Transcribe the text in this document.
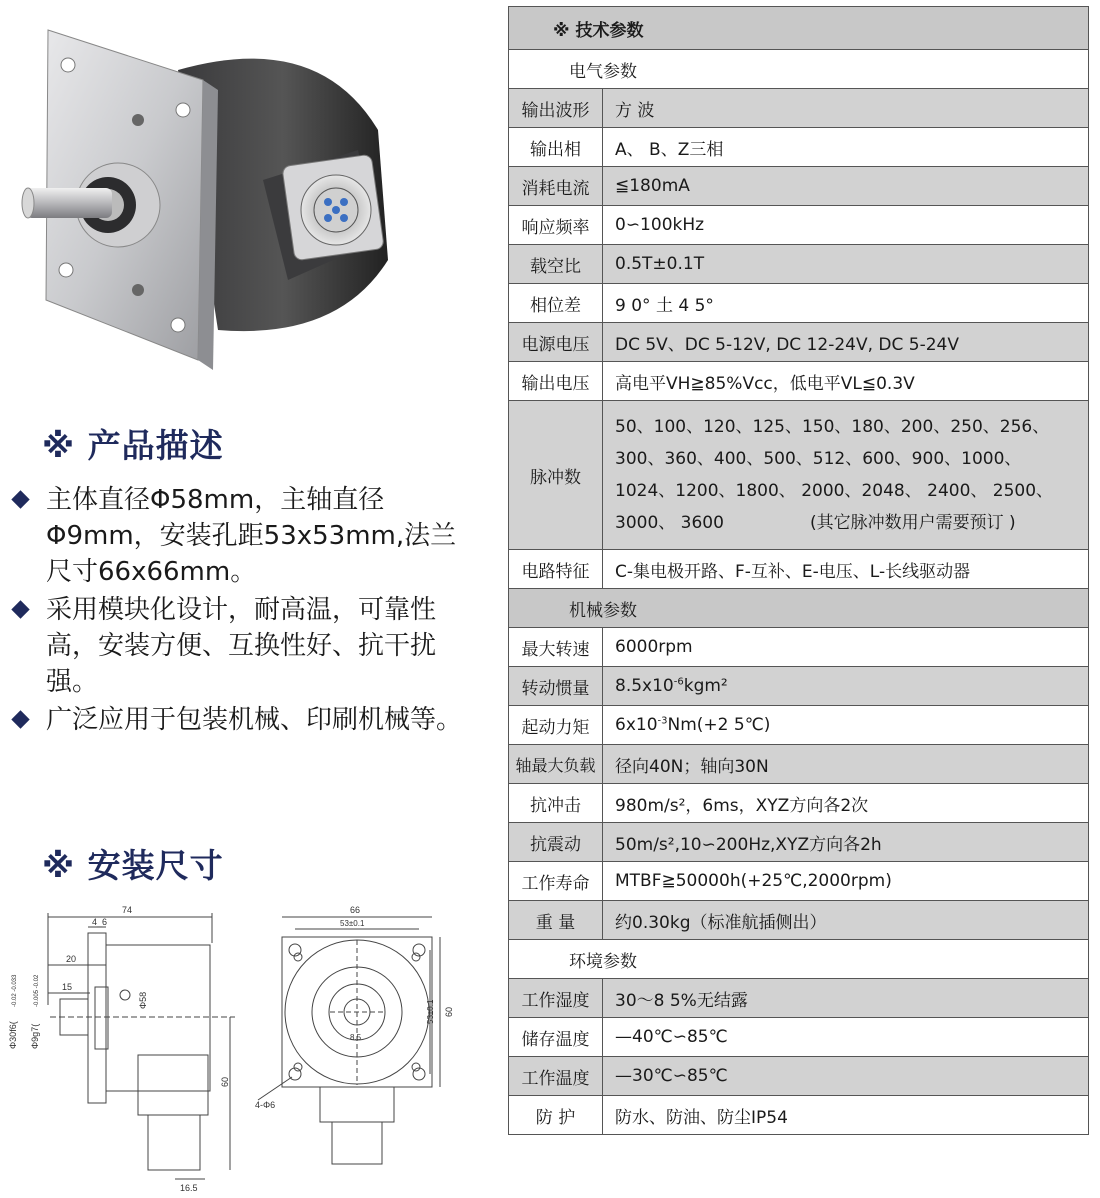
※ 产品描述
主体直径Φ58mm，主轴直径Φ9mm，安装孔距53x53mm,法兰尺寸66x66mm。
采用模块化设计，耐高温，可靠性高，安装方便、互换性好、抗干扰强。
广泛应用于包装机械、印刷机械等。
※ 安装尺寸
74
4_6
20
15
Φ58
Φ30f6( Φ9g7(
-0.02 -0.033	-0.005 -0.02
60
16.5
66
53±0.1
53±0.1 60
8.5
4-Φ6
※ 技术参数	
电气参数	
输出波形	方 波
输出相	A、 B、Z三相
消耗电流	≦180mA
响应频率	0∽100kHz
载空比	0.5T±0.1T
相位差	9 0° 土 4 5°
电源电压	DC 5V、DC 5-12V, DC 12-24V, DC 5-24V
输出电压	高电平VH≧85%Vcc，低电平VL≦0.3V
脉冲数	50、100、120、125、150、180、200、250、256、
300、360、400、500、512、600、900、1000、
1024、1200、1800、 2000、2048、 2400、 2500、
3000、 3600 (其它脉冲数用户需要预订 )

电路特征	C-集电极开路、F-互补、E-电压、L-长线驱动器
机械参数	
最大转速	6000rpm
转动惯量	$8.5x10^{-6}kgm^2$
起动力矩	$6x10^{-3}Nm(+2$ 5℃)
轴最大负载	径向40N；轴向30N
抗冲击	980m/s²，6ms，XYZ方向各2次
抗震动	50m/s²,10∽200Hz,XYZ方向各2h
工作寿命	MTBF≧50000h(+25℃,2000rpm)
重 量	约0.30kg（标准航插侧出）
环境参数	
工作湿度	30～8 5%无结露
储存温度	—40℃∽85℃
工作温度	—30℃∽85℃
防 护	防水、防油、防尘IP54
